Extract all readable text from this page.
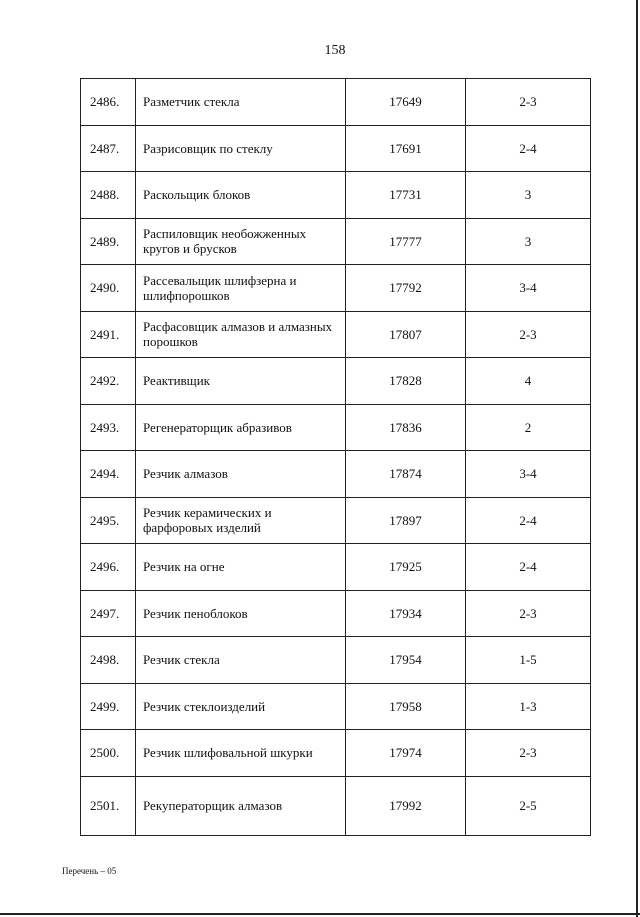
158
2486.	Разметчик стекла	17649	2-3
2487.	Разрисовщик по стеклу	17691	2-4
2488.	Раскольщик блоков	17731	3
2489.	Распиловщик необожженных кругов и брусков	17777	3
2490.	Рассевальщик шлифзерна и шлифпорошков	17792	3-4
2491.	Расфасовщик алмазов и алмазных порошков	17807	2-3
2492.	Реактивщик	17828	4
2493.	Регенераторщик абразивов	17836	2
2494.	Резчик алмазов	17874	3-4
2495.	Резчик керамических и фарфоровых изделий	17897	2-4
2496.	Резчик на огне	17925	2-4
2497.	Резчик пеноблоков	17934	2-3
2498.	Резчик стекла	17954	1-5
2499.	Резчик стеклоизделий	17958	1-3
2500.	Резчик шлифовальной шкурки	17974	2-3
2501.	Рекуператорщик алмазов	17992	2-5
Перечень – 05
